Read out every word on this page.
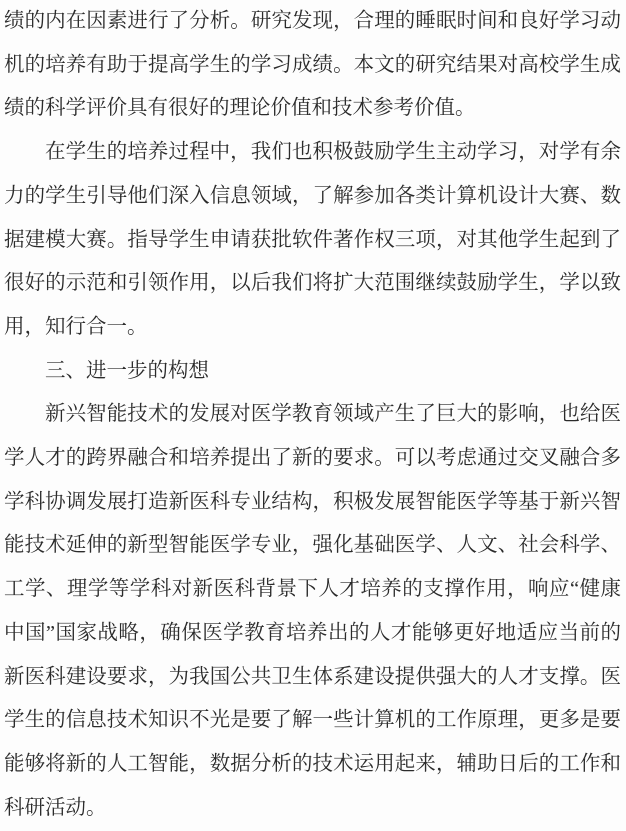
绩的内在因素进行了分析。研究发现，合理的睡眠时间和良好学习动机的培养有助于提高学生的学习成绩。本文的研究结果对高校学生成绩的科学评价具有很好的理论价值和技术参考价值。

在学生的培养过程中，我们也积极鼓励学生主动学习，对学有余力的学生引导他们深入信息领域，了解参加各类计算机设计大赛、数据建模大赛。指导学生申请获批软件著作权三项，对其他学生起到了很好的示范和引领作用，以后我们将扩大范围继续鼓励学生，学以致用，知行合一。

三、进一步的构想

新兴智能技术的发展对医学教育领域产生了巨大的影响，也给医学人才的跨界融合和培养提出了新的要求。可以考虑通过交叉融合多学科协调发展打造新医科专业结构，积极发展智能医学等基于新兴智能技术延伸的新型智能医学专业，强化基础医学、人文、社会科学、工学、理学等学科对新医科背景下人才培养的支撑作用，响应“健康中国”国家战略，确保医学教育培养出的人才能够更好地适应当前的新医科建设要求，为我国公共卫生体系建设提供强大的人才支撑。医学生的信息技术知识不光是要了解一些计算机的工作原理，更多是要能够将新的人工智能，数据分析的技术运用起来，辅助日后的工作和科研活动。
